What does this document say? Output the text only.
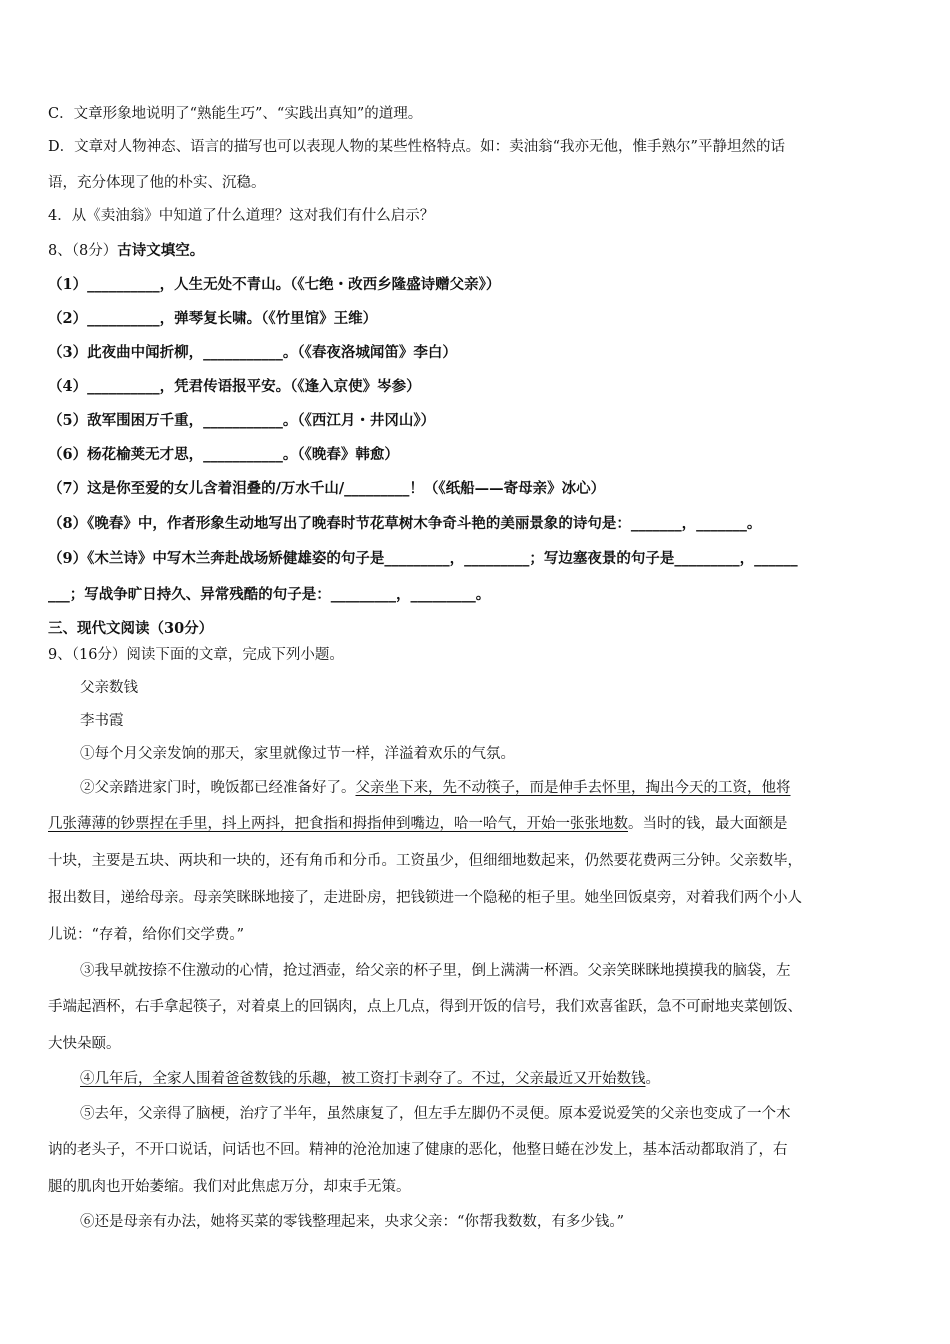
C．文章形象地说明了“熟能生巧”、“实践出真知”的道理。
D．文章对人物神态、语言的描写也可以表现人物的某些性格特点。如：卖油翁“我亦无他，惟手熟尔”平静坦然的话
语，充分体现了他的朴实、沉稳。
4．从《卖油翁》中知道了什么道理？这对我们有什么启示？
8、（8分）古诗文填空。
（1）__________，人生无处不青山。（《七绝・改西乡隆盛诗赠父亲》）
（2）__________，弹琴复长啸。（《竹里馆》王维）
（3）此夜曲中闻折柳，___________。（《春夜洛城闻笛》李白）
（4）__________，凭君传语报平安。（《逢入京使》岑参）
（5）敌军围困万千重，___________。（《西江月・井冈山》）
（6）杨花榆荚无才思，___________。（《晚春》韩愈）
（7）这是你至爱的女儿含着泪叠的/万水千山/_________！（《纸船——寄母亲》冰心）
（8）《晚春》中，作者形象生动地写出了晚春时节花草树木争奇斗艳的美丽景象的诗句是：_______，_______。
（9）《木兰诗》中写木兰奔赴战场矫健雄姿的句子是_________，_________；写边塞夜景的句子是_________，______
___；写战争旷日持久、异常残酷的句子是：_________，_________。
三、现代文阅读（30分）
9、（16分）阅读下面的文章，完成下列小题。
父亲数钱
李书霞
①每个月父亲发饷的那天，家里就像过节一样，洋溢着欢乐的气氛。
②父亲踏进家门时，晚饭都已经准备好了。父亲坐下来，先不动筷子，而是伸手去怀里，掏出今天的工资，他将
几张薄薄的钞票捏在手里，抖上两抖，把食指和拇指伸到嘴边，哈一哈气，开始一张张地数。当时的钱，最大面额是
十块，主要是五块、两块和一块的，还有角币和分币。工资虽少，但细细地数起来，仍然要花费两三分钟。父亲数毕，
报出数目，递给母亲。母亲笑眯眯地接了，走进卧房，把钱锁进一个隐秘的柜子里。她坐回饭桌旁，对着我们两个小人
儿说：“存着，给你们交学费。”
③我早就按捺不住激动的心情，抢过酒壶，给父亲的杯子里，倒上满满一杯酒。父亲笑眯眯地摸摸我的脑袋，左
手端起酒杯，右手拿起筷子，对着桌上的回锅肉，点上几点，得到开饭的信号，我们欢喜雀跃，急不可耐地夹菜刨饭、
大快朵颐。
④几年后，全家人围着爸爸数钱的乐趣，被工资打卡剥夺了。不过，父亲最近又开始数钱。
⑤去年，父亲得了脑梗，治疗了半年，虽然康复了，但左手左脚仍不灵便。原本爱说爱笑的父亲也变成了一个木
讷的老头子，不开口说话，问话也不回。精神的沧沧加速了健康的恶化，他整日蜷在沙发上，基本活动都取消了，右
腿的肌肉也开始萎缩。我们对此焦虑万分，却束手无策。
⑥还是母亲有办法，她将买菜的零钱整理起来，央求父亲：“你帮我数数，有多少钱。”
